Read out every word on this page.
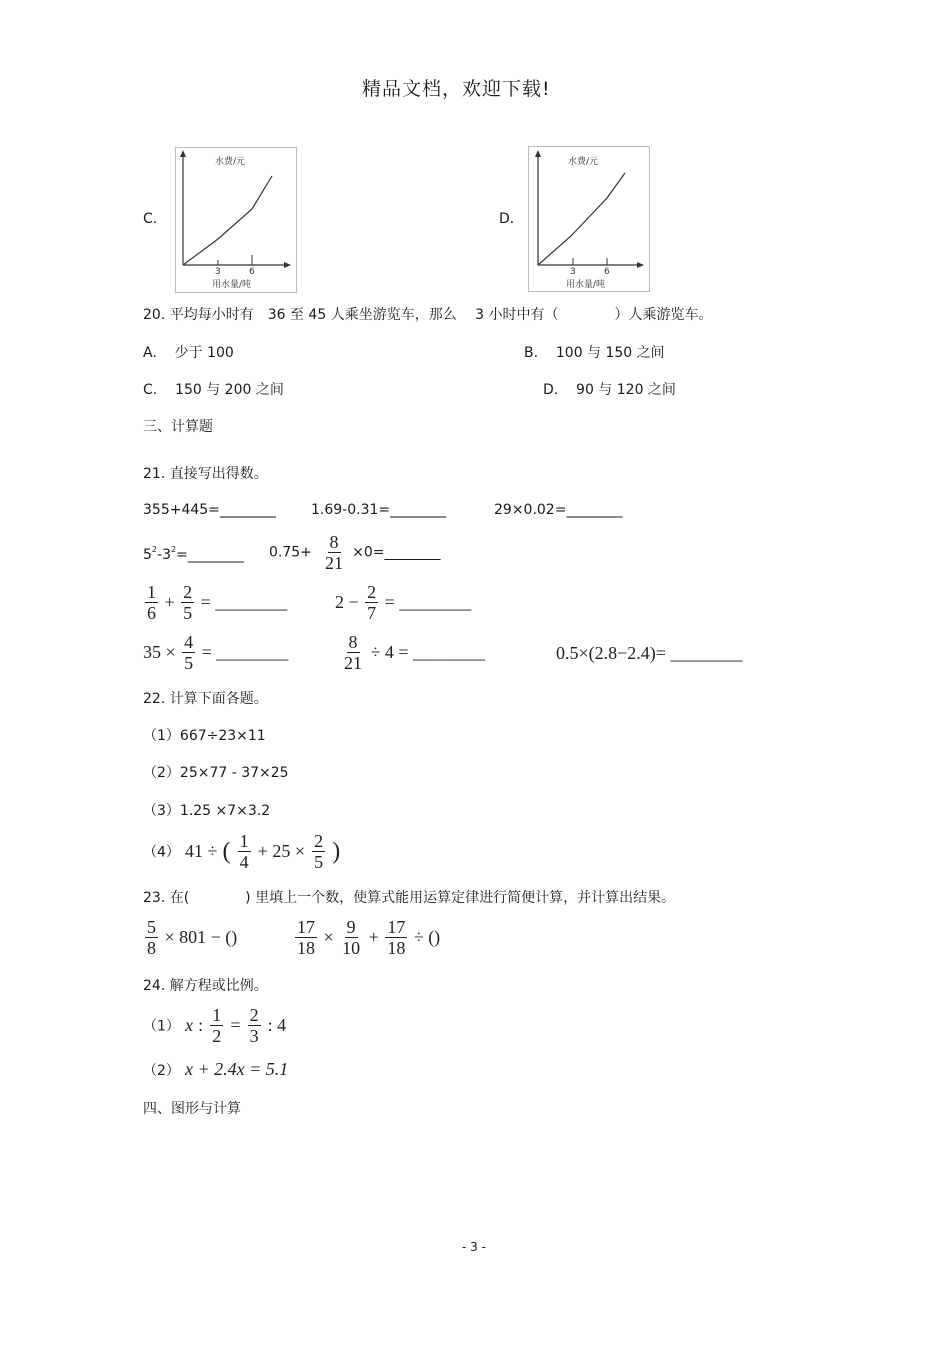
精品文档，欢迎下载!
C.
水费/元
3	6
用水量/吨
D.
水费/元
3	6
用水量/吨
20. 平均每小时有　36 至 45 人乘坐游览车，那么　 3 小时中有（　　　　）人乘游览车。
A. 少于 100	B. 100 与 150 之间
C. 150 与 200 之间	D. 90 与 120 之间
三、计算题
21. 直接写出得数。
355+445=________	1.69-0.31=________	29×0.02=________
$5^2-3^2=\_\_\_\_\_\_\_\_$ $0.75+ \frac{8}{21}$ ×0=________
$\frac{1}{6} + \frac{2}{5}$ = ________	$2 - \frac{2}{7}$ = ________
$35 \times \frac{4}{5}$ = ________	$\frac{8}{21} \div 4$ = ________	0.5×(2.8−2.4)= ________
22. 计算下面各题。
（1）667÷23×11
（2）25×77 - 37×25
（3）1.25 ×7×3.2
（4） 41 ÷ ( $\frac{1}{4} + 25 \times \frac{2}{5}$ )
23. 在(　　　　) 里填上一个数，使算式能用运算定律进行简便计算，并计算出结果。
$\frac{5}{8} \times 801$ − ()	$\frac{17}{18} \times \frac{9}{10} + \frac{17}{18}$ ÷ ()
24. 解方程或比例。
（1） x : $\frac{1}{2} = \frac{2}{3}$ : 4
（2） x + 2.4x = 5.1
四、图形与计算
- 3 -
